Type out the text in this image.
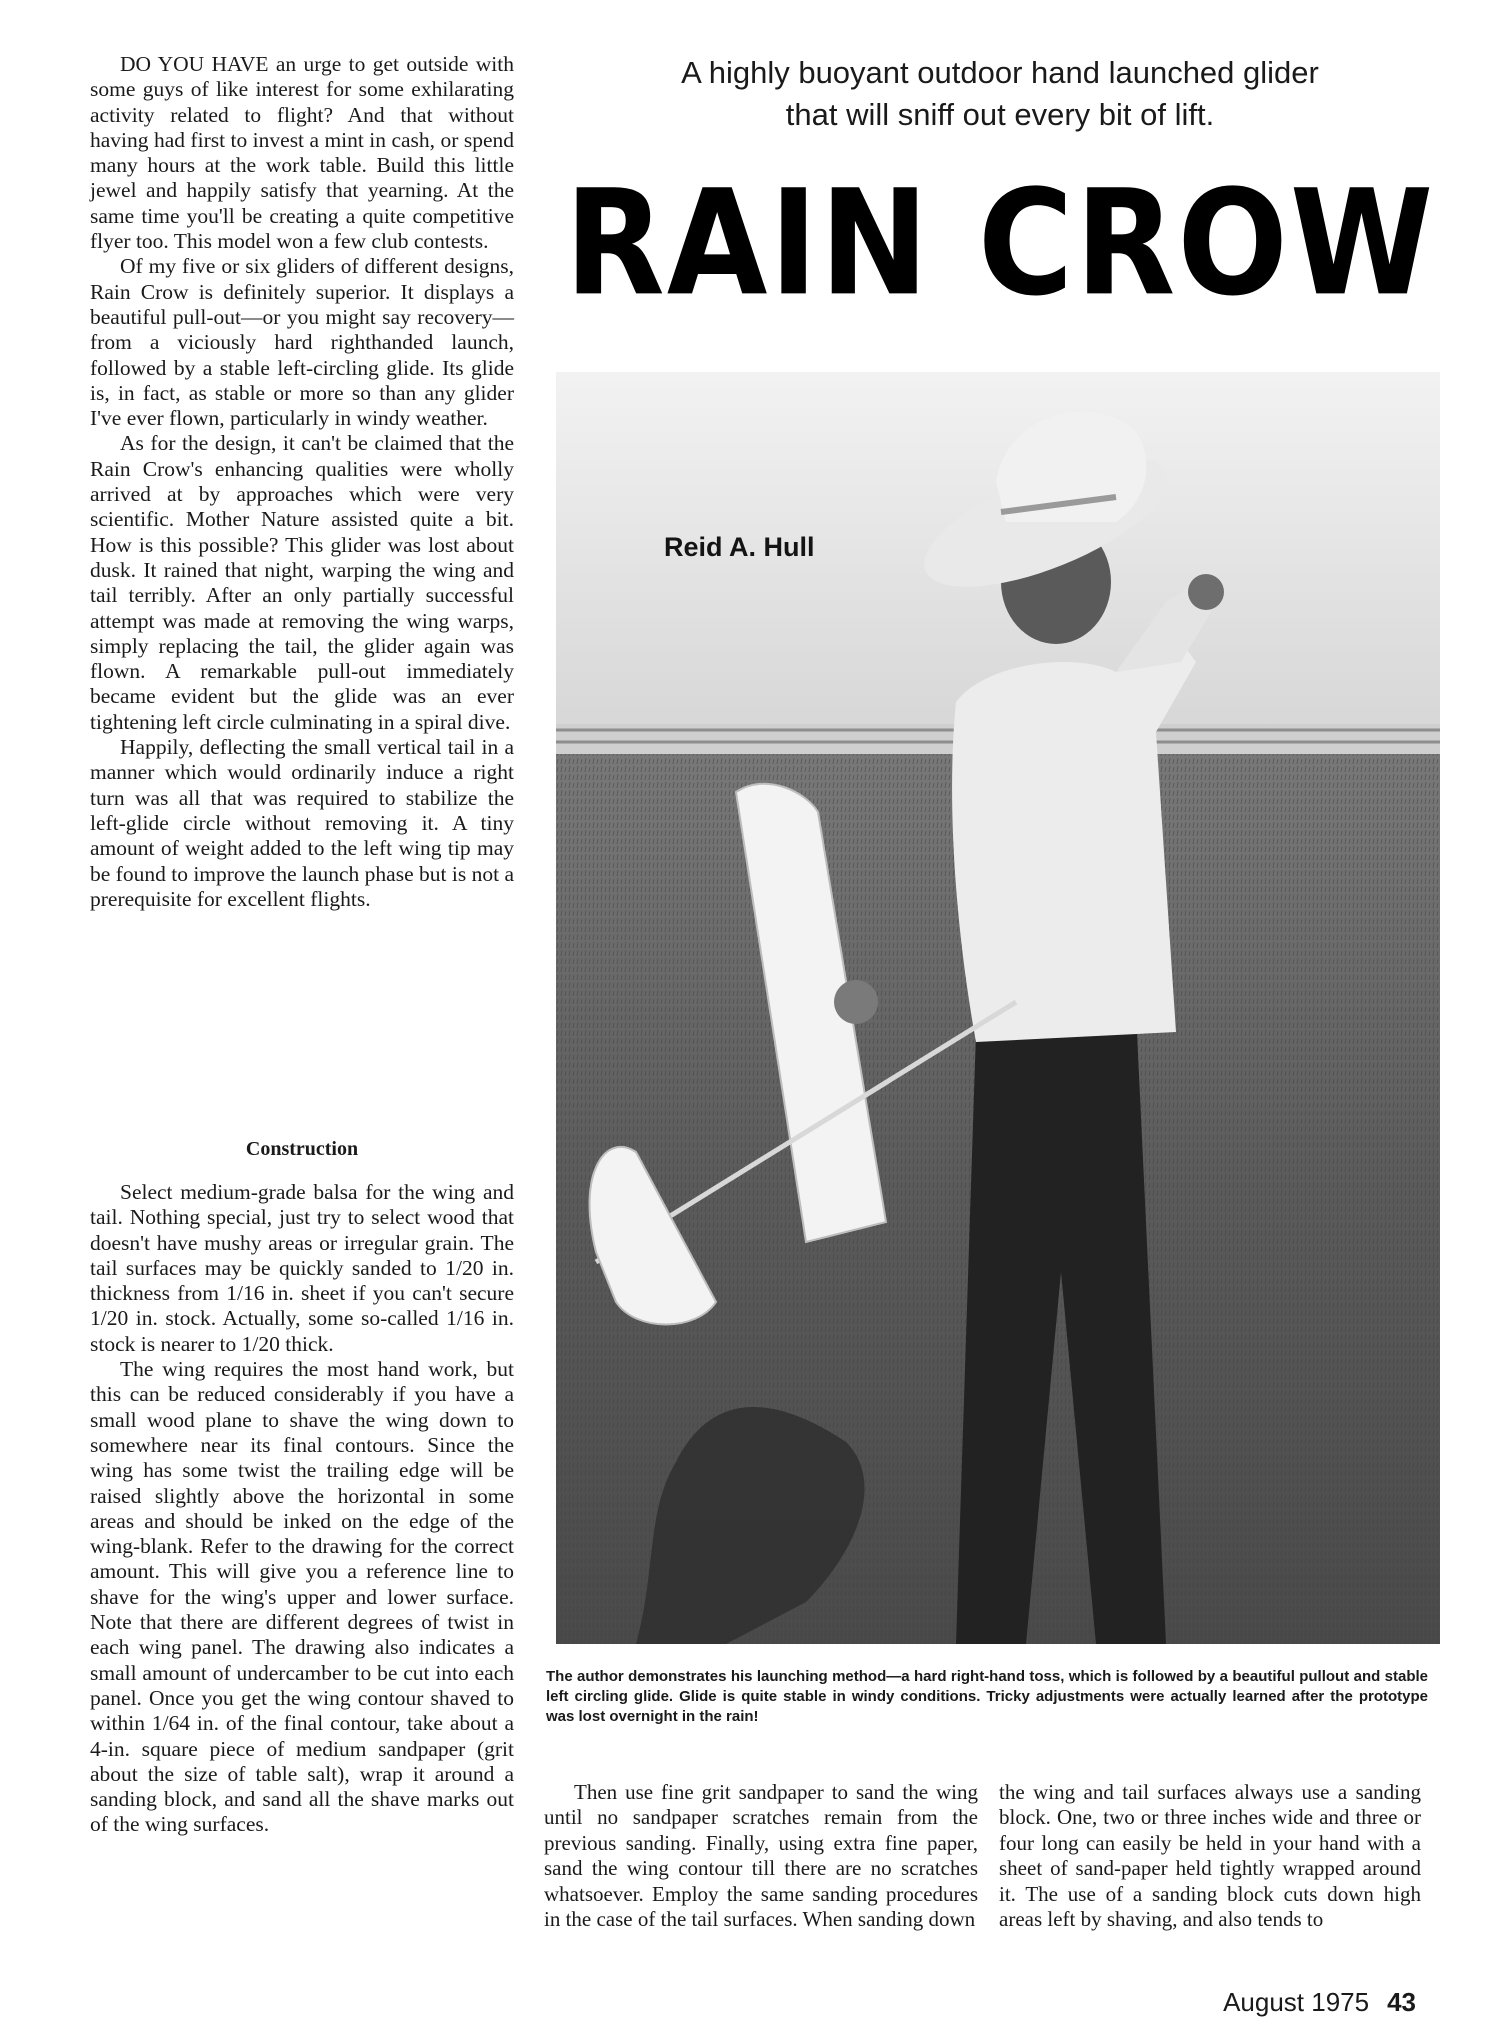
DO YOU HAVE an urge to get outside with some guys of like interest for some exhilarating activity related to flight? And that without having had first to invest a mint in cash, or spend many hours at the work table. Build this little jewel and happily satisfy that yearning. At the same time you'll be creating a quite competitive flyer too. This model won a few club contests.

Of my five or six gliders of different designs, Rain Crow is definitely superior. It displays a beautiful pull-out—or you might say recovery—from a viciously hard righthanded launch, followed by a stable left-circling glide. Its glide is, in fact, as stable or more so than any glider I've ever flown, particularly in windy weather.

As for the design, it can't be claimed that the Rain Crow's enhancing qualities were wholly arrived at by approaches which were very scientific. Mother Nature assisted quite a bit. How is this possible? This glider was lost about dusk. It rained that night, warping the wing and tail terribly. After an only partially successful attempt was made at removing the wing warps, simply replacing the tail, the glider again was flown. A remarkable pull-out immediately became evident but the glide was an ever tightening left circle culminating in a spiral dive.

Happily, deflecting the small vertical tail in a manner which would ordinarily induce a right turn was all that was required to stabilize the left-glide circle without removing it. A tiny amount of weight added to the left wing tip may be found to improve the launch phase but is not a prerequisite for excellent flights.

Construction

Select medium-grade balsa for the wing and tail. Nothing special, just try to select wood that doesn't have mushy areas or irregular grain. The tail surfaces may be quickly sanded to 1/20 in. thickness from 1/16 in. sheet if you can't secure 1/20 in. stock. Actually, some so-called 1/16 in. stock is nearer to 1/20 thick.

The wing requires the most hand work, but this can be reduced considerably if you have a small wood plane to shave the wing down to somewhere near its final contours. Since the wing has some twist the trailing edge will be raised slightly above the horizontal in some areas and should be inked on the edge of the wing-blank. Refer to the drawing for the correct amount. This will give you a reference line to shave for the wing's upper and lower surface. Note that there are different degrees of twist in each wing panel. The drawing also indicates a small amount of undercamber to be cut into each panel. Once you get the wing contour shaved to within 1/64 in. of the final contour, take about a 4-in. square piece of medium sandpaper (grit about the size of table salt), wrap it around a sanding block, and sand all the shave marks out of the wing surfaces.

A highly buoyant outdoor hand launched glider
that will sniff out every bit of lift.
RAIN CROW
Reid A. Hull
The author demonstrates his launching method—a hard right-hand toss, which is followed by a beautiful pullout and stable left circling glide. Glide is quite stable in windy conditions. Tricky adjustments were actually learned after the prototype was lost overnight in the rain!

Then use fine grit sandpaper to sand the wing until no sandpaper scratches remain from the previous sanding. Finally, using extra fine paper, sand the wing contour till there are no scratches whatsoever. Employ the same sanding procedures in the case of the tail surfaces. When sanding down

the wing and tail surfaces always use a sanding block. One, two or three inches wide and three or four long can easily be held in your hand with a sheet of sand-paper held tightly wrapped around it. The use of a sanding block cuts down high areas left by shaving, and also tends to

August 1975 43
